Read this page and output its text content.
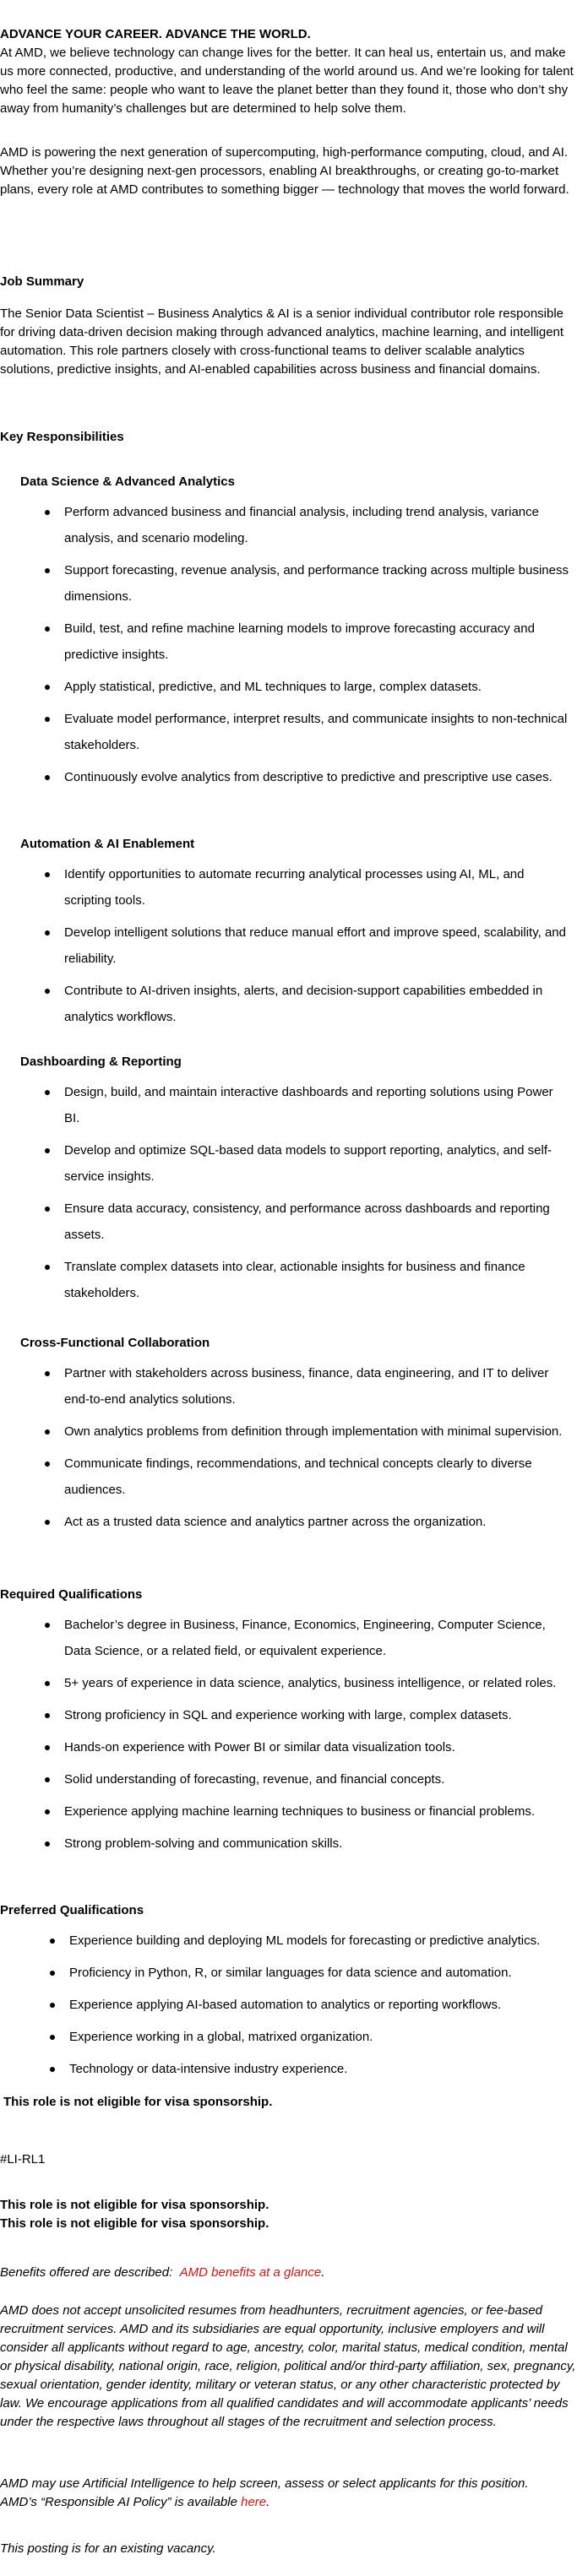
ADVANCE YOUR CAREER. ADVANCE THE WORLD.

At AMD, we believe technology can change lives for the better. It can heal us, entertain us, and make us more connected, productive, and understanding of the world around us. And we’re looking for talent who feel the same: people who want to leave the planet better than they found it, those who don’t shy away from humanity’s challenges but are determined to help solve them.

AMD is powering the next generation of supercomputing, high-performance computing, cloud, and AI. Whether you’re designing next-gen processors, enabling AI breakthroughs, or creating go-to-market plans, every role at AMD contributes to something bigger — technology that moves the world forward.

Job Summary

The Senior Data Scientist – Business Analytics & AI is a senior individual contributor role responsible for driving data-driven decision making through advanced analytics, machine learning, and intelligent automation. This role partners closely with cross-functional teams to deliver scalable analytics solutions, predictive insights, and AI-enabled capabilities across business and financial domains.

Key Responsibilities

Data Science & Advanced Analytics

Perform advanced business and financial analysis, including trend analysis, variance analysis, and scenario modeling.
Support forecasting, revenue analysis, and performance tracking across multiple business dimensions.
Build, test, and refine machine learning models to improve forecasting accuracy and predictive insights.
Apply statistical, predictive, and ML techniques to large, complex datasets.
Evaluate model performance, interpret results, and communicate insights to non-technical stakeholders.
Continuously evolve analytics from descriptive to predictive and prescriptive use cases.

Automation & AI Enablement

Identify opportunities to automate recurring analytical processes using AI, ML, and scripting tools.
Develop intelligent solutions that reduce manual effort and improve speed, scalability, and reliability.
Contribute to AI-driven insights, alerts, and decision-support capabilities embedded in analytics workflows.

Dashboarding & Reporting

Design, build, and maintain interactive dashboards and reporting solutions using Power BI.
Develop and optimize SQL-based data models to support reporting, analytics, and self-service insights.
Ensure data accuracy, consistency, and performance across dashboards and reporting assets.
Translate complex datasets into clear, actionable insights for business and finance stakeholders.

Cross-Functional Collaboration

Partner with stakeholders across business, finance, data engineering, and IT to deliver end-to-end analytics solutions.
Own analytics problems from definition through implementation with minimal supervision.
Communicate findings, recommendations, and technical concepts clearly to diverse audiences.
Act as a trusted data science and analytics partner across the organization.

Required Qualifications

Bachelor’s degree in Business, Finance, Economics, Engineering, Computer Science, Data Science, or a related field, or equivalent experience.
5+ years of experience in data science, analytics, business intelligence, or related roles.
Strong proficiency in SQL and experience working with large, complex datasets.
Hands-on experience with Power BI or similar data visualization tools.
Solid understanding of forecasting, revenue, and financial concepts.
Experience applying machine learning techniques to business or financial problems.
Strong problem-solving and communication skills.

Preferred Qualifications

Experience building and deploying ML models for forecasting or predictive analytics.
Proficiency in Python, R, or similar languages for data science and automation.
Experience applying AI-based automation to analytics or reporting workflows.
Experience working in a global, matrixed organization.
Technology or data-intensive industry experience.

This role is not eligible for visa sponsorship.

#LI-RL1

This role is not eligible for visa sponsorship.

This role is not eligible for visa sponsorship.

Benefits offered are described: AMD benefits at a glance.

AMD does not accept unsolicited resumes from headhunters, recruitment agencies, or fee-based recruitment services. AMD and its subsidiaries are equal opportunity, inclusive employers and will consider all applicants without regard to age, ancestry, color, marital status, medical condition, mental or physical disability, national origin, race, religion, political and/or third-party affiliation, sex, pregnancy, sexual orientation, gender identity, military or veteran status, or any other characteristic protected by law. We encourage applications from all qualified candidates and will accommodate applicants’ needs under the respective laws throughout all stages of the recruitment and selection process.

AMD may use Artificial Intelligence to help screen, assess or select applicants for this position.

AMD’s “Responsible AI Policy” is available here.

This posting is for an existing vacancy.
